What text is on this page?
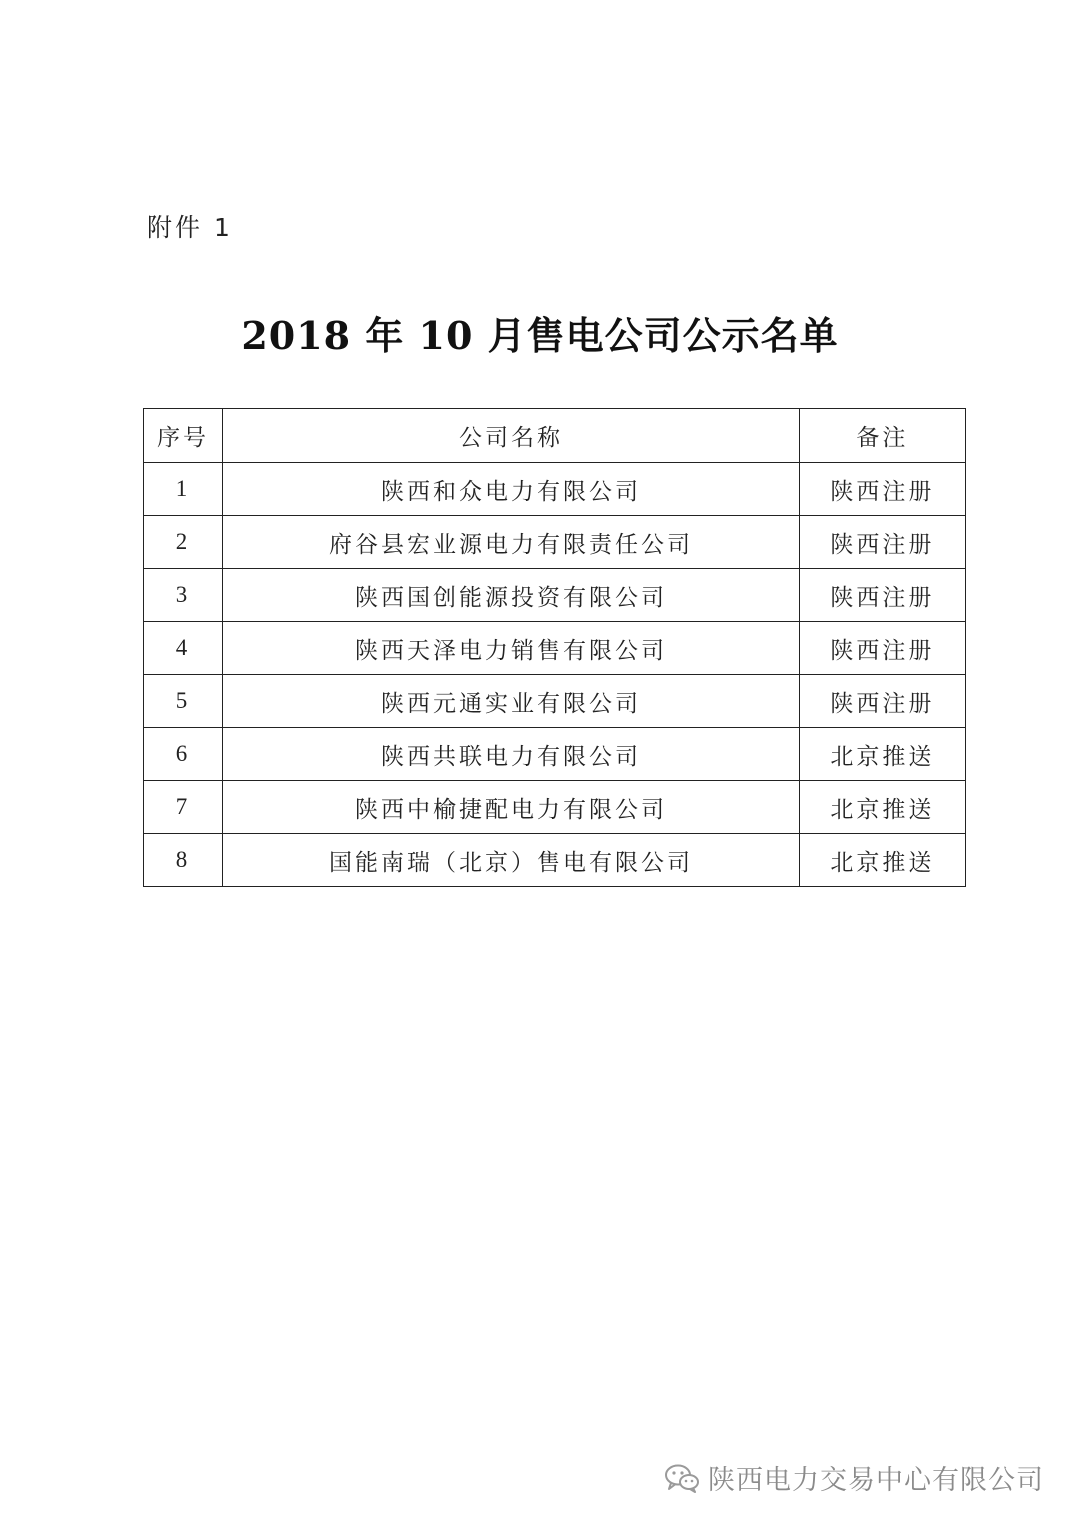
附件 1
2018 年 10 月售电公司公示名单
序号	公司名称	备注
1	陕西和众电力有限公司	陕西注册
2	府谷县宏业源电力有限责任公司	陕西注册
3	陕西国创能源投资有限公司	陕西注册
4	陕西天泽电力销售有限公司	陕西注册
5	陕西元通实业有限公司	陕西注册
6	陕西共联电力有限公司	北京推送
7	陕西中榆捷配电力有限公司	北京推送
8	国能南瑞（北京）售电有限公司	北京推送
陕西电力交易中心有限公司
